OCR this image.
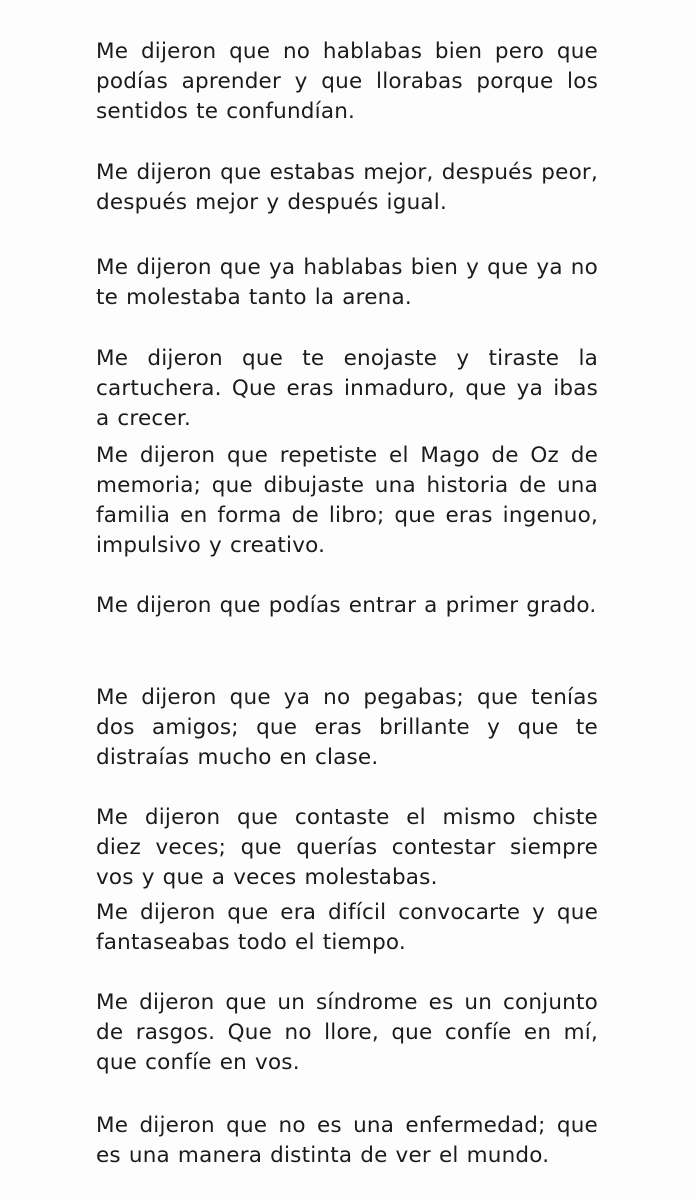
Me dijeron que no hablabas bien pero que podías aprender y que llorabas porque los sentidos te confundían.

Me dijeron que estabas mejor, después peor, después mejor y después igual.

Me dijeron que ya hablabas bien y que ya no te molestaba tanto la arena.

Me dijeron que te enojaste y tiraste la cartuchera. Que eras inmaduro, que ya ibas a crecer.

Me dijeron que repetiste el Mago de Oz de memoria; que dibujaste una historia de una familia en forma de libro; que eras ingenuo, impulsivo y creativo.

Me dijeron que podías entrar a primer grado.

Me dijeron que ya no pegabas; que tenías dos amigos; que eras brillante y que te distraías mucho en clase.

Me dijeron que contaste el mismo chiste diez veces; que querías contestar siempre vos y que a veces molestabas.

Me dijeron que era difícil convocarte y que fantaseabas todo el tiempo.

Me dijeron que un síndrome es un conjunto de rasgos. Que no llore, que confíe en mí, que confíe en vos.

Me dijeron que no es una enfermedad; que es una manera distinta de ver el mundo.
